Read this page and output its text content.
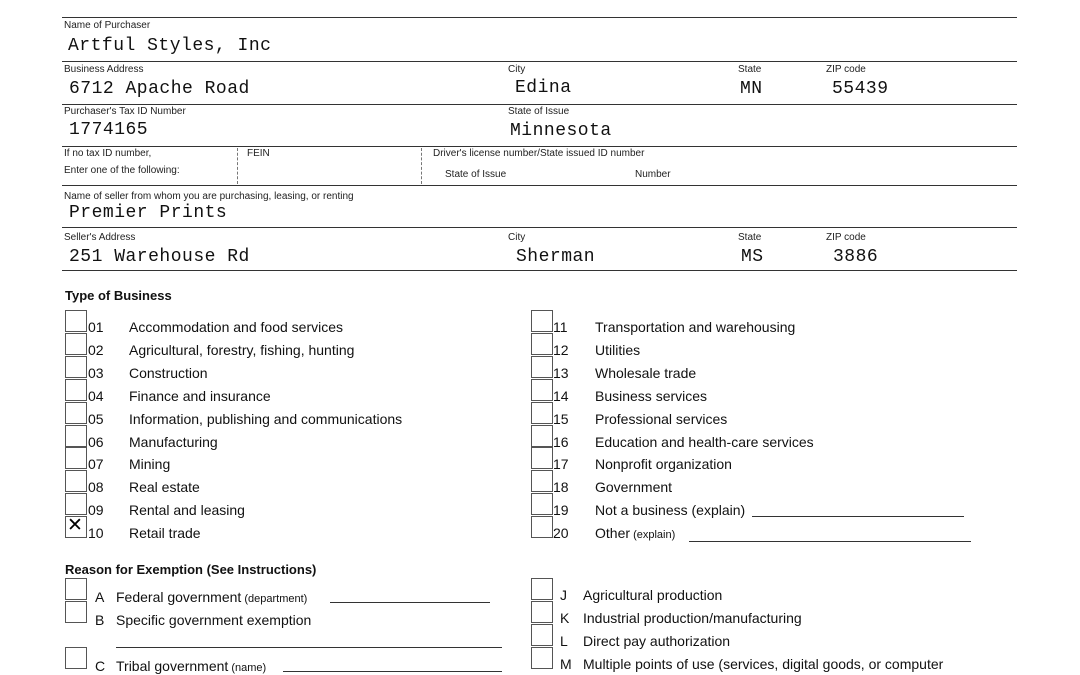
Name of Purchaser
Artful Styles, Inc
Business Address
6712 Apache Road
City
Edina
State
MN
ZIP code
55439
Purchaser's Tax ID Number
1774165
State of Issue
Minnesota
If no tax ID number,
Enter one of the following:
FEIN	Driver's license number/State issued ID number
State of Issue	Number
Name of seller from whom you are purchasing, leasing, or renting
Premier Prints
Seller's Address
251 Warehouse Rd
City
Sherman
State
MS
ZIP code
3886
Type of Business
01 Accommodation and food services
02 Agricultural, forestry, fishing, hunting
03 Construction
04 Finance and insurance
05 Information, publishing and communications
06 Manufacturing
07 Mining
08 Real estate
09 Rental and leasing
✕
10 Retail trade
11 Transportation and warehousing
12 Utilities
13 Wholesale trade
14 Business services
15 Professional services
16 Education and health-care services
17 Nonprofit organization
18 Government
19 Not a business (explain)
20 Other (explain)
Reason for Exemption (See Instructions)
A Federal government (department)
B Specific government exemption
C Tribal government (name)
J Agricultural production
K Industrial production/manufacturing
L Direct pay authorization
M Multiple points of use (services, digital goods, or computer
